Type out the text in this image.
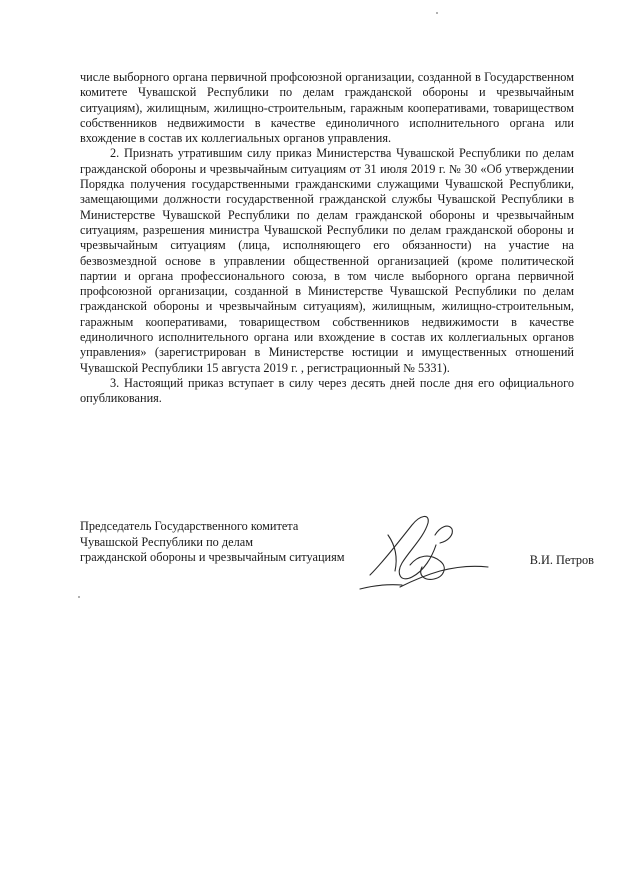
числе выборного органа первичной профсоюзной организации, созданной в Государственном комитете Чувашской Республики по делам гражданской обороны и чрезвычайным ситуациям), жилищным, жилищно-строительным, гаражным кооперативами, товариществом собственников недвижимости в качестве единоличного исполнительного органа или вхождение в состав их коллегиальных органов управления.

2. Признать утратившим силу приказ Министерства Чувашской Республики по делам гражданской обороны и чрезвычайным ситуациям от 31 июля 2019 г. № 30 «Об утверждении Порядка получения государственными гражданскими служащими Чувашской Республики, замещающими должности государственной гражданской службы Чувашской Республики в Министерстве Чувашской Республики по делам гражданской обороны и чрезвычайным ситуациям, разрешения министра Чувашской Республики по делам гражданской обороны и чрезвычайным ситуациям (лица, исполняющего его обязанности) на участие на безвозмездной основе в управлении общественной организацией (кроме политической партии и органа профессионального союза, в том числе выборного органа первичной профсоюзной организации, созданной в Министерстве Чувашской Республики по делам гражданской обороны и чрезвычайным ситуациям), жилищным, жилищно-строительным, гаражным кооперативами, товариществом собственников недвижимости в качестве единоличного исполнительного органа или вхождение в состав их коллегиальных органов управления» (зарегистрирован в Министерстве юстиции и имущественных отношений Чувашской Республики 15 августа 2019 г. , регистрационный № 5331).

3. Настоящий приказ вступает в силу через десять дней после дня его официального опубликования.

Председатель Государственного комитета
Чувашской Республики по делам
гражданской обороны и чрезвычайным ситуациям	В.И. Петров
